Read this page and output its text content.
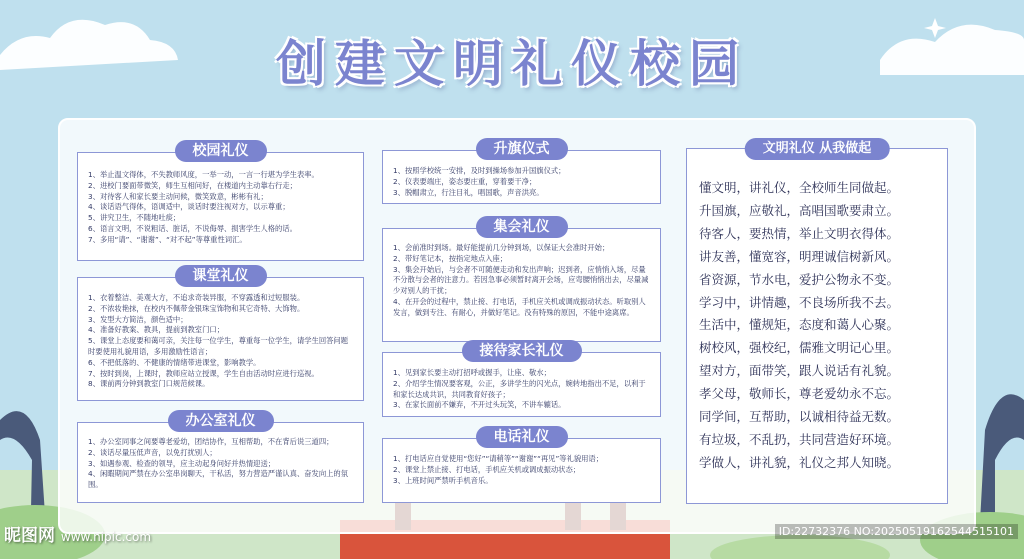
创建文明礼仪校园
校园礼仪
1、举止温文得体，不失教师风度，一举一动，一言一行堪为学生表率。
2、进校门要面带微笑，师生互相问好，在楼道内主动靠右行走；
3、对待客人和家长要主动问候，微笑致意，彬彬有礼；
4、谈话语气得体，语调适中，谈话时要注视对方，以示尊重；
5、讲究卫生，不随地吐痰；
6、语言文明，不说粗话、脏话，不说侮辱、损害学生人格的话。
7、多用“请”、“谢谢”、“对不起”等尊重性词汇。
课堂礼仪
1、衣着整洁、美观大方，不追求奇装异服，不穿露透和过短服装。
2、不浓妆艳抹，在校内不佩带金银珠宝饰物和其它奇特、大饰物。
3、发型大方简洁，颜色适中；
4、准备好教案、教具，提前到教室门口；
5、课堂上态度要和蔼可亲，关注每一位学生，尊重每一位学生，请学生回答问题时要使用礼貌用语，多用激励性语言；
6、不把低落的、不健康的情绪带进课堂，影响教学。
7、按时到岗，上课时，教师应站立授课，学生自由活动时应进行巡视。
8、课前两分钟到教室门口规范候课。
办公室礼仪
1、办公室同事之间要尊老爱幼，团结协作，互相帮助，不在背后说三道四；
2、谈话尽量压低声音，以免打扰别人；
3、如遇参观、检查的领导，应主动起身问好并热情迎送；
4、闲暇期间严禁在办公室串岗聊天，干私活，努力营造严谨认真、奋发向上的氛围。
升旗仪式
1、按照学校统一安排，及时到操场参加升国旗仪式；
2、仪表要端庄，姿态要庄重，穿着要干净；
3、脱帽肃立，行注目礼，唱国歌，声音洪亮。
集会礼仪
1、会前准时到场。最好能提前几分钟到场，以保证大会准时开始；
2、带好笔记本，按指定地点入座；
3、集会开始后，与会者不可随便走动和发出声响；迟到者，应悄悄入场，尽量不分散与会者的注意力。若因急事必须暂时离开会场，应弯腰悄悄出去，尽量减少对别人的干扰；
4、在开会的过程中，禁止接、打电话，手机应关机或调成振动状态。听取别人发言，做到专注、有耐心，并做好笔记。没有特殊的原因，不能中途离席。
接待家长礼仪
1、见到家长要主动打招呼或握手，让座、敬水；
2、介绍学生情况要客观，公正，多讲学生的闪光点，婉转地指出不足，以利于和家长达成共识，共同教育好孩子；
3、在家长面前不嫌弃，不开过头玩笑，不讲车辘话。
电话礼仪
1、打电话应自觉使用“您好”“请稍等”“谢谢”“再见”等礼貌用语；
2、课堂上禁止接、打电话，手机应关机或调成振动状态；
3、上班时间严禁听手机音乐。
文明礼仪 从我做起
懂文明，讲礼仪，全校师生同做起。
升国旗，应敬礼，高唱国歌要肃立。
待客人，要热情，举止文明衣得体。
讲友善，懂宽容，明理诚信树新风。
省资源，节水电，爱护公物永不变。
学习中，讲情趣，不良场所我不去。
生活中，懂规矩，态度和蔼人心聚。
树校风，强校纪，儒雅文明记心里。
望对方，面带笑，跟人说话有礼貌。
孝父母，敬师长，尊老爱幼永不忘。
同学间，互帮助，以诚相待益无数。
有垃圾，不乱扔，共同营造好环境。
学做人，讲礼貌，礼仪之邦人知晓。
昵图网 www.nipic.com	ID:22732376 NO:20250519162544515101
